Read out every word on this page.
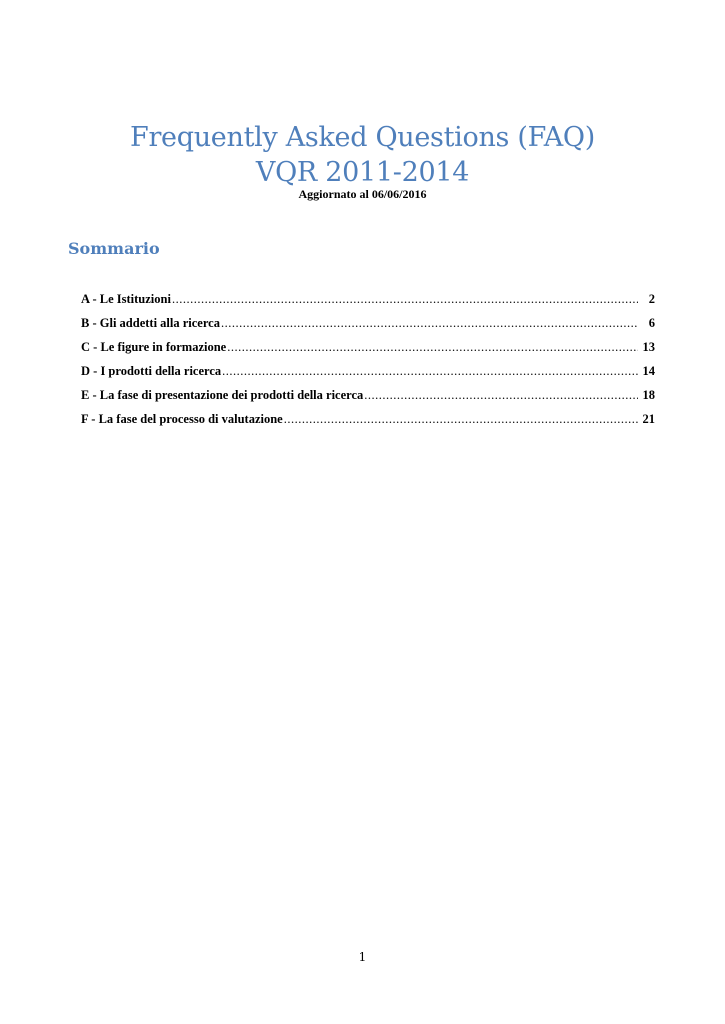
Frequently Asked Questions (FAQ)
VQR 2011-2014
Aggiornato al 06/06/2016
Sommario
A - Le Istituzioni .....	2
B - Gli addetti alla ricerca .....	6
C - Le figure in formazione .....	13
D - I prodotti della ricerca .....	14
E - La fase di presentazione dei prodotti della ricerca .....	18
F - La fase del processo di valutazione .....	21
1
